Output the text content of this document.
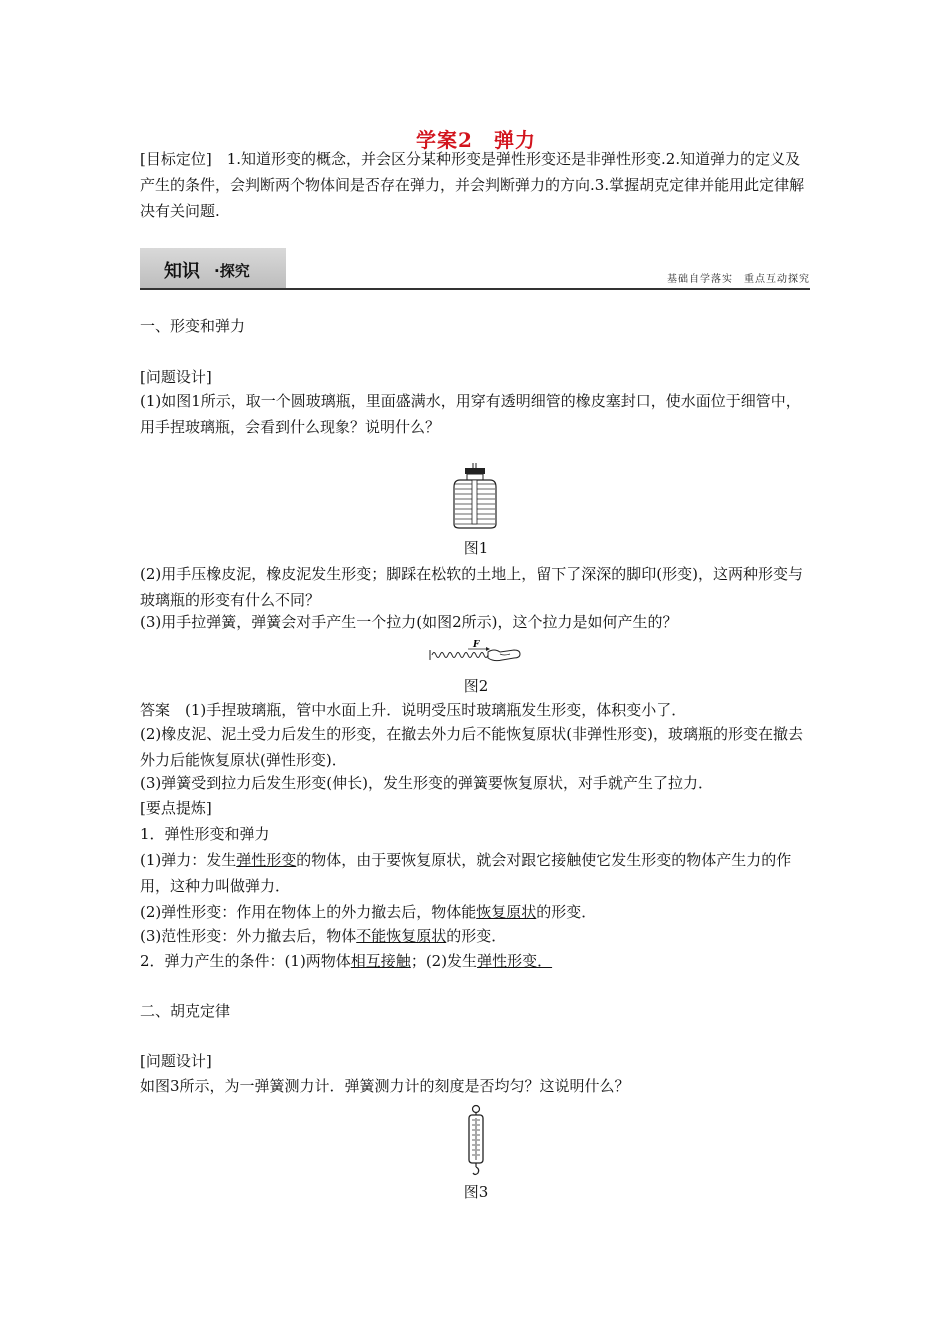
学案2　弹力
[目标定位]　1.知道形变的概念，并会区分某种形变是弹性形变还是非弹性形变.2.知道弹力的定义及产生的条件，会判断两个物体间是否存在弹力，并会判断弹力的方向.3.掌握胡克定律并能用此定律解决有关问题.
知识 ·探究	基础自学落实　重点互动探究
一、形变和弹力
[问题设计]
(1)如图1所示，取一个圆玻璃瓶，里面盛满水，用穿有透明细管的橡皮塞封口，使水面位于细管中，用手捏玻璃瓶，会看到什么现象？说明什么？
图1
(2)用手压橡皮泥，橡皮泥发生形变；脚踩在松软的土地上，留下了深深的脚印(形变)，这两种形变与玻璃瓶的形变有什么不同？
(3)用手拉弹簧，弹簧会对手产生一个拉力(如图2所示)，这个拉力是如何产生的？
F
图2
答案　(1)手捏玻璃瓶，管中水面上升．说明受压时玻璃瓶发生形变，体积变小了．
(2)橡皮泥、泥土受力后发生的形变，在撤去外力后不能恢复原状(非弹性形变)，玻璃瓶的形变在撤去外力后能恢复原状(弹性形变)．
(3)弹簧受到拉力后发生形变(伸长)，发生形变的弹簧要恢复原状，对手就产生了拉力．
[要点提炼]
1．弹性形变和弹力
(1)弹力：发生弹性形变的物体，由于要恢复原状，就会对跟它接触使它发生形变的物体产生力的作用，这种力叫做弹力．
(2)弹性形变：作用在物体上的外力撤去后，物体能恢复原状的形变．
(3)范性形变：外力撤去后，物体不能恢复原状的形变．
2．弹力产生的条件：(1)两物体相互接触；(2)发生弹性形变．
二、胡克定律
[问题设计]
如图3所示，为一弹簧测力计．弹簧测力计的刻度是否均匀？这说明什么？
图3
